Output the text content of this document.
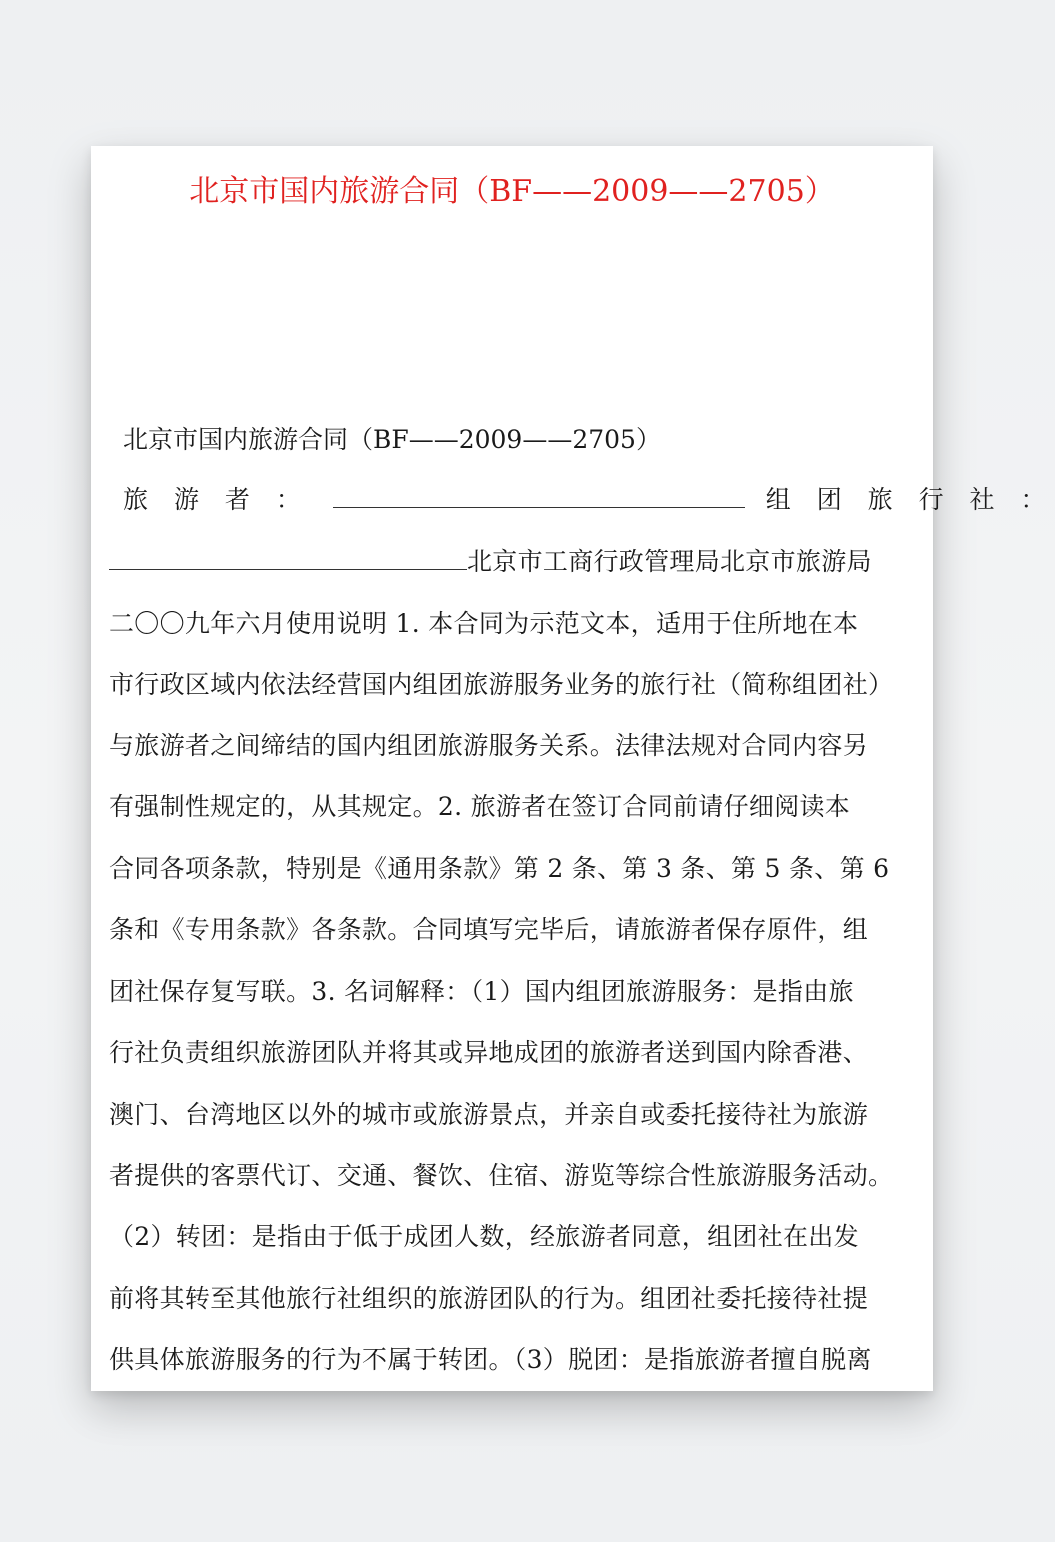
北京市国内旅游合同（BF——2009——2705）
北京市国内旅游合同（BF——2009——2705）
旅 游 者 ：	组 团 旅 行 社 ：
北京市工商行政管理局北京市旅游局
二〇〇九年六月使用说明 1. 本合同为示范文本，适用于住所地在本
市行政区域内依法经营国内组团旅游服务业务的旅行社（简称组团社）
与旅游者之间缔结的国内组团旅游服务关系。法律法规对合同内容另
有强制性规定的，从其规定。2. 旅游者在签订合同前请仔细阅读本
合同各项条款，特别是《通用条款》第 2 条、第 3 条、第 5 条、第 6
条和《专用条款》各条款。合同填写完毕后，请旅游者保存原件，组
团社保存复写联。3. 名词解释：（1）国内组团旅游服务：是指由旅
行社负责组织旅游团队并将其或异地成团的旅游者送到国内除香港、
澳门、台湾地区以外的城市或旅游景点，并亲自或委托接待社为旅游
者提供的客票代订、交通、餐饮、住宿、游览等综合性旅游服务活动。
（2）转团：是指由于低于成团人数，经旅游者同意，组团社在出发
前将其转至其他旅行社组织的旅游团队的行为。组团社委托接待社提
供具体旅游服务的行为不属于转团。（3）脱团：是指旅游者擅自脱离
